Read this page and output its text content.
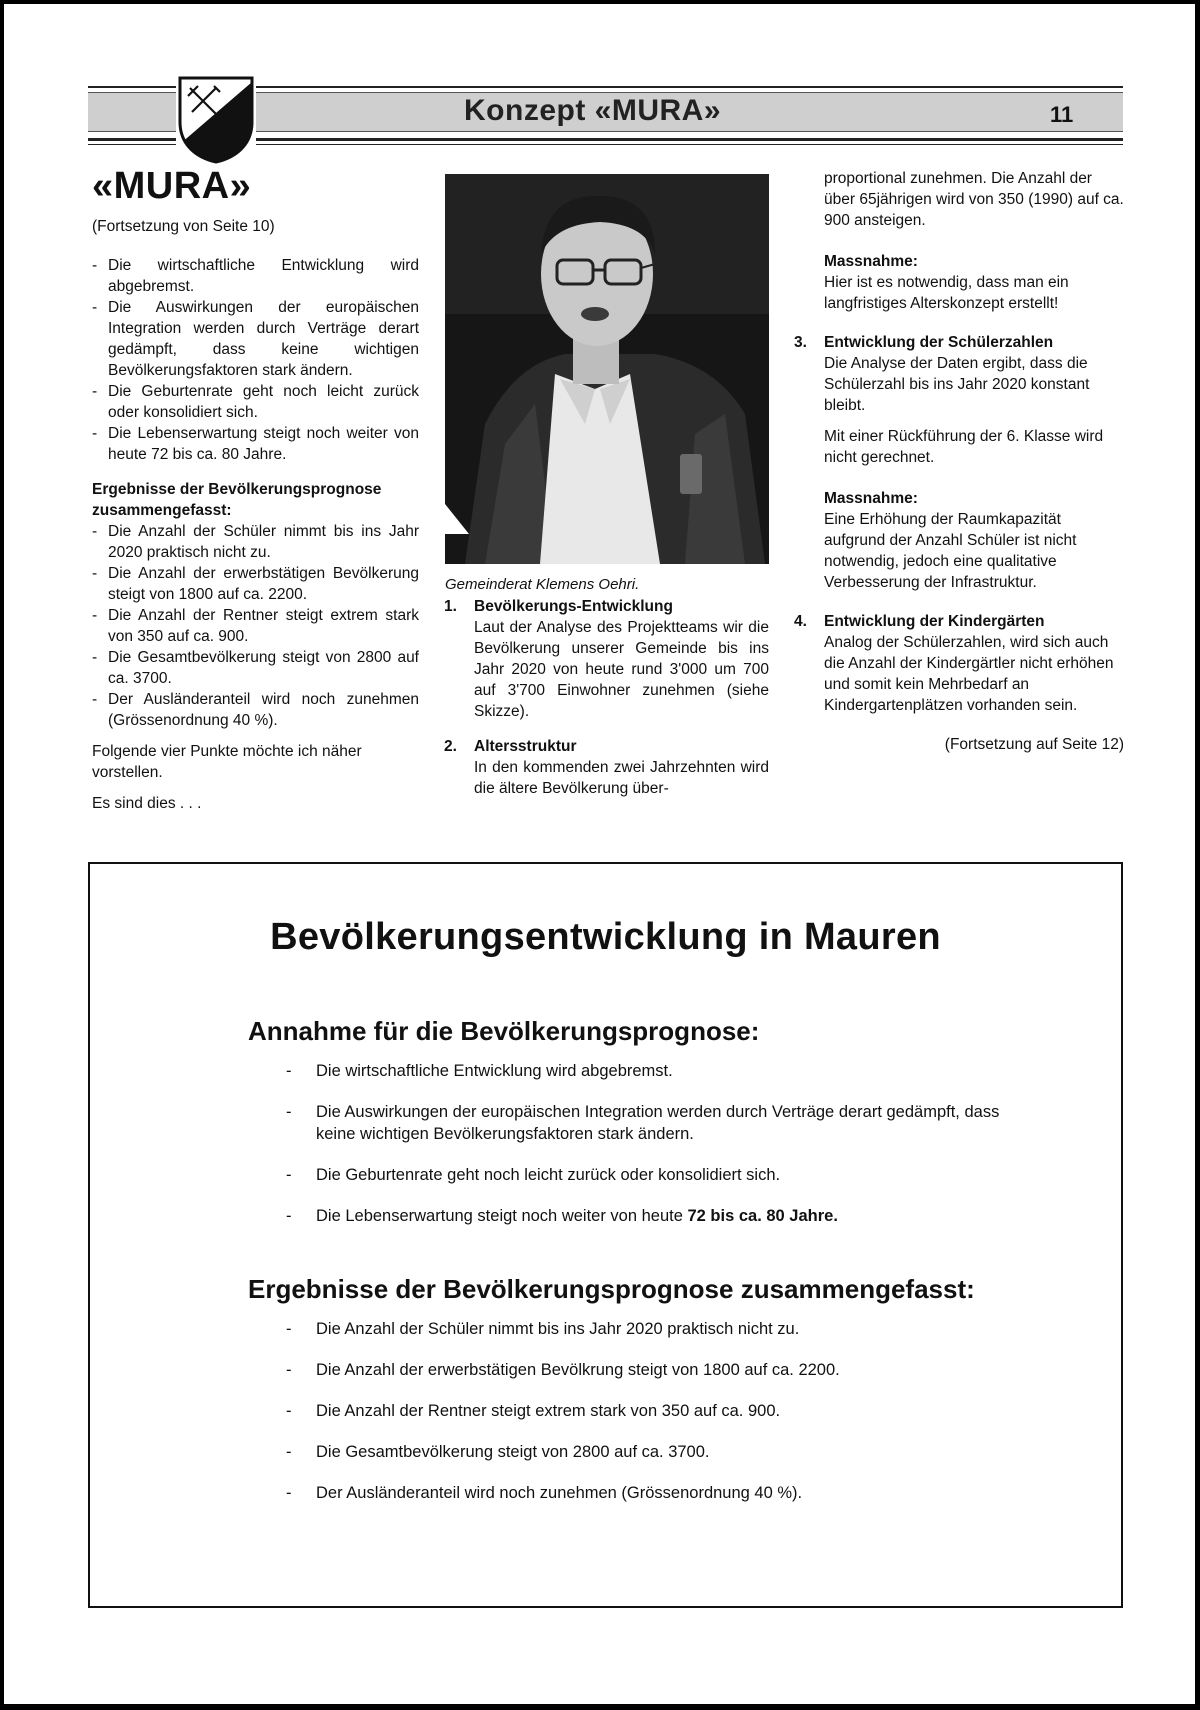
Konzept «MURA»	11
«MURA»

(Fortsetzung von Seite 10)

- Die wirtschaftliche Entwicklung wird abgebremst.
- Die Auswirkungen der europäischen Integration werden durch Verträge derart gedämpft, dass keine wichtigen Bevölkerungsfaktoren stark ändern.
- Die Geburtenrate geht noch leicht zurück oder konsolidiert sich.
- Die Lebenserwartung steigt noch weiter von heute 72 bis ca. 80 Jahre.

Ergebnisse der Bevölkerungsprognose zusammengefasst:

- Die Anzahl der Schüler nimmt bis ins Jahr 2020 praktisch nicht zu.
- Die Anzahl der erwerbstätigen Bevölkerung steigt von 1800 auf ca. 2200.
- Die Anzahl der Rentner steigt extrem stark von 350 auf ca. 900.
- Die Gesamtbevölkerung steigt von 2800 auf ca. 3700.
- Der Ausländeranteil wird noch zunehmen (Grössenordnung 40 %).

Folgende vier Punkte möchte ich näher vorstellen.

Es sind dies . . .

Gemeinderat Klemens Oehri.

1. Bevölkerungs-Entwicklung

Laut der Analyse des Projektteams wir die Bevölkerung unserer Gemeinde bis ins Jahr 2020 von heute rund 3'000 um 700 auf 3'700 Einwohner zunehmen (siehe Skizze).

2. Altersstruktur

In den kommenden zwei Jahrzehnten wird die ältere Bevölkerung über-

proportional zunehmen. Die Anzahl der über 65jährigen wird von 350 (1990) auf ca. 900 ansteigen.

Massnahme:

Hier ist es notwendig, dass man ein langfristiges Alterskonzept erstellt!

3. Entwicklung der Schülerzahlen

Die Analyse der Daten ergibt, dass die Schülerzahl bis ins Jahr 2020 konstant bleibt.

Mit einer Rückführung der 6. Klasse wird nicht gerechnet.

Massnahme:

Eine Erhöhung der Raumkapazität aufgrund der Anzahl Schüler ist nicht notwendig, jedoch eine qualitative Verbesserung der Infrastruktur.

4. Entwicklung der Kindergärten

Analog der Schülerzahlen, wird sich auch die Anzahl der Kindergärtler nicht erhöhen und somit kein Mehrbedarf an Kindergartenplätzen vorhanden sein.

(Fortsetzung auf Seite 12)

Bevölkerungsentwicklung in Mauren
Annahme für die Bevölkerungsprognose:
- Die wirtschaftliche Entwicklung wird abgebremst.
- Die Auswirkungen der europäischen Integration werden durch Verträge derart gedämpft, dass keine wichtigen Bevölkerungsfaktoren stark ändern.
- Die Geburtenrate geht noch leicht zurück oder konsolidiert sich.
- Die Lebenserwartung steigt noch weiter von heute 72 bis ca. 80 Jahre.
Ergebnisse der Bevölkerungsprognose zusammengefasst:
- Die Anzahl der Schüler nimmt bis ins Jahr 2020 praktisch nicht zu.
- Die Anzahl der erwerbstätigen Bevölkrung steigt von 1800 auf ca. 2200.
- Die Anzahl der Rentner steigt extrem stark von 350 auf ca. 900.
- Die Gesamtbevölkerung steigt von 2800 auf ca. 3700.
- Der Ausländeranteil wird noch zunehmen (Grössenordnung 40 %).
